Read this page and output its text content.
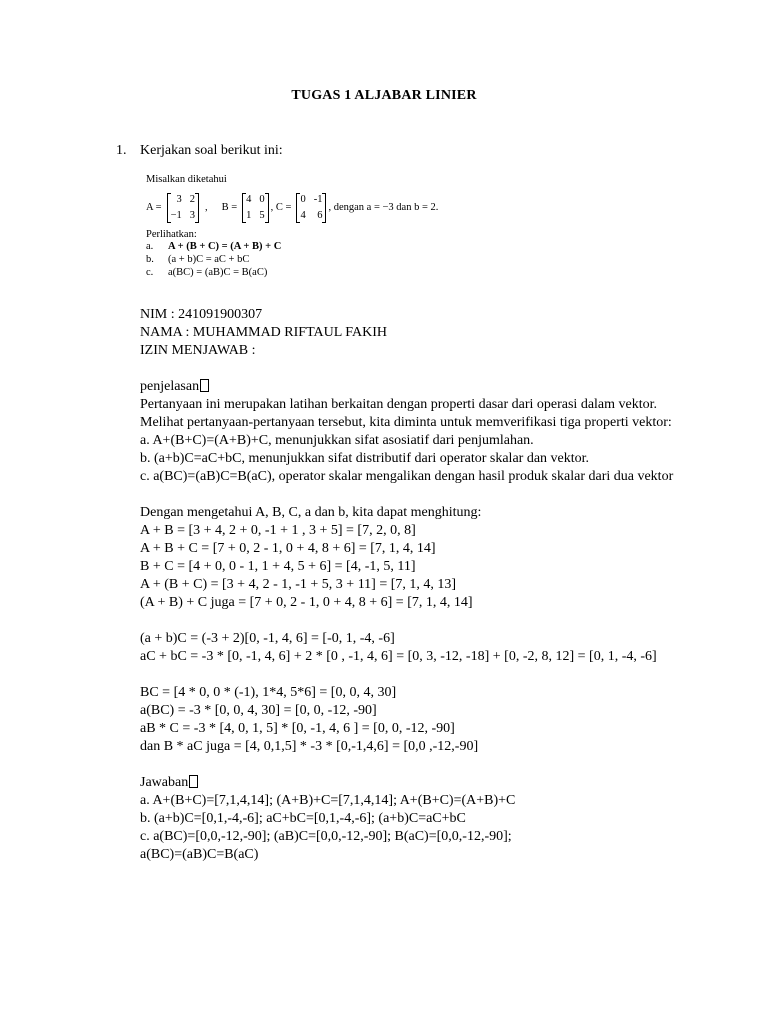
TUGAS 1 ALJABAR LINIER
1. Kerjakan soal berikut ini:
Misalkan diketahui
A =
3 2
−1 3
, B =
4 0
1 5
, C =
0 -1
4	6
, dengan a = −3 dan b = 2.
Perlihatkan:
a.	A + (B + C) = (A + B) + C
b.	(a + b)C = aC + bC
c.	a(BC) = (aB)C = B(aC)

NIM : 241091900307

NAMA : MUHAMMAD RIFTAUL FAKIH

IZIN MENJAWAB :

penjelasan

Pertanyaan ini merupakan latihan berkaitan dengan properti dasar dari operasi dalam vektor. Melihat pertanyaan-pertanyaan tersebut, kita diminta untuk memverifikasi tiga properti vektor:

a. A+(B+C)=(A+B)+C, menunjukkan sifat asosiatif dari penjumlahan.

b. (a+b)C=aC+bC, menunjukkan sifat distributif dari operator skalar dan vektor.

c. a(BC)=(aB)C=B(aC), operator skalar mengalikan dengan hasil produk skalar dari dua vektor

Dengan mengetahui A, B, C, a dan b, kita dapat menghitung:

A + B = [3 + 4, 2 + 0, -1 + 1 , 3 + 5] = [7, 2, 0, 8]

A + B + C = [7 + 0, 2 - 1, 0 + 4, 8 + 6] = [7, 1, 4, 14]

B + C = [4 + 0, 0 - 1, 1 + 4, 5 + 6] = [4, -1, 5, 11]

A + (B + C) = [3 + 4, 2 - 1, -1 + 5, 3 + 11] = [7, 1, 4, 13]

(A + B) + C juga = [7 + 0, 2 - 1, 0 + 4, 8 + 6] = [7, 1, 4, 14]

(a + b)C = (-3 + 2)[0, -1, 4, 6] = [-0, 1, -4, -6]

aC + bC = -3 * [0, -1, 4, 6] + 2 * [0 , -1, 4, 6] = [0, 3, -12, -18] + [0, -2, 8, 12] = [0, 1, -4, -6]

BC = [4 * 0, 0 * (-1), 1*4, 5*6] = [0, 0, 4, 30]

a(BC) = -3 * [0, 0, 4, 30] = [0, 0, -12, -90]

aB * C = -3 * [4, 0, 1, 5] * [0, -1, 4, 6 ] = [0, 0, -12, -90]

dan B * aC juga = [4, 0,1,5] * -3 * [0,-1,4,6] = [0,0 ,-12,-90]

Jawaban

a. A+(B+C)=[7,1,4,14]; (A+B)+C=[7,1,4,14]; A+(B+C)=(A+B)+C

b. (a+b)C=[0,1,-4,-6]; aC+bC=[0,1,-4,-6]; (a+b)C=aC+bC

c. a(BC)=[0,0,-12,-90]; (aB)C=[0,0,-12,-90]; B(aC)=[0,0,-12,-90];

a(BC)=(aB)C=B(aC)
